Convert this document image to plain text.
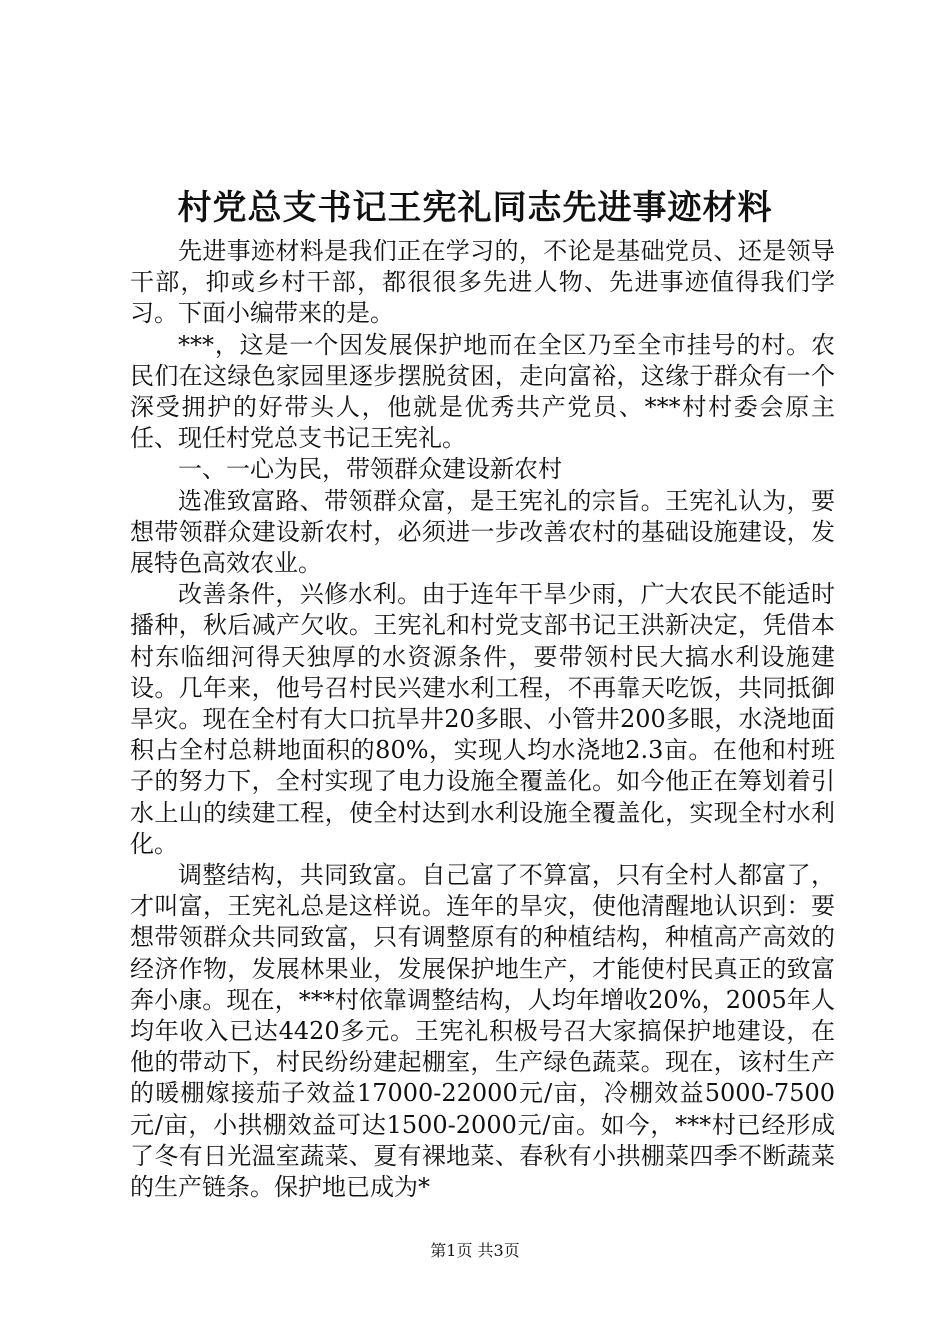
村党总支书记王宪礼同志先进事迹材料

先进事迹材料是我们正在学习的，不论是基础党员、还是领导干部，抑或乡村干部，都很很多先进人物、先进事迹值得我们学习。下面小编带来的是。

***，这是一个因发展保护地而在全区乃至全市挂号的村。农民们在这绿色家园里逐步摆脱贫困，走向富裕，这缘于群众有一个深受拥护的好带头人，他就是优秀共产党员、***村村委会原主任、现任村党总支书记王宪礼。

一、一心为民，带领群众建设新农村

选准致富路、带领群众富，是王宪礼的宗旨。王宪礼认为，要想带领群众建设新农村，必须进一步改善农村的基础设施建设，发展特色高效农业。

改善条件，兴修水利。由于连年干旱少雨，广大农民不能适时播种，秋后减产欠收。王宪礼和村党支部书记王洪新决定，凭借本村东临细河得天独厚的水资源条件，要带领村民大搞水利设施建设。几年来，他号召村民兴建水利工程，不再靠天吃饭，共同抵御旱灾。现在全村有大口抗旱井20多眼、小管井200多眼，水浇地面积占全村总耕地面积的80%，实现人均水浇地2.3亩。在他和村班子的努力下，全村实现了电力设施全覆盖化。如今他正在筹划着引水上山的续建工程，使全村达到水利设施全覆盖化，实现全村水利化。

调整结构，共同致富。自己富了不算富，只有全村人都富了，才叫富，王宪礼总是这样说。连年的旱灾，使他清醒地认识到：要想带领群众共同致富，只有调整原有的种植结构，种植高产高效的经济作物，发展林果业，发展保护地生产，才能使村民真正的致富奔小康。现在，***村依靠调整结构，人均年增收20%，2005年人均年收入已达4420多元。王宪礼积极号召大家搞保护地建设，在他的带动下，村民纷纷建起棚室，生产绿色蔬菜。现在，该村生产的暖棚嫁接茄子效益17000-22000元/亩，冷棚效益5000-7500元/亩，小拱棚效益可达1500-2000元/亩。如今，***村已经形成了冬有日光温室蔬菜、夏有裸地菜、春秋有小拱棚菜四季不断蔬菜的生产链条。保护地已成为*

第1页 共3页
